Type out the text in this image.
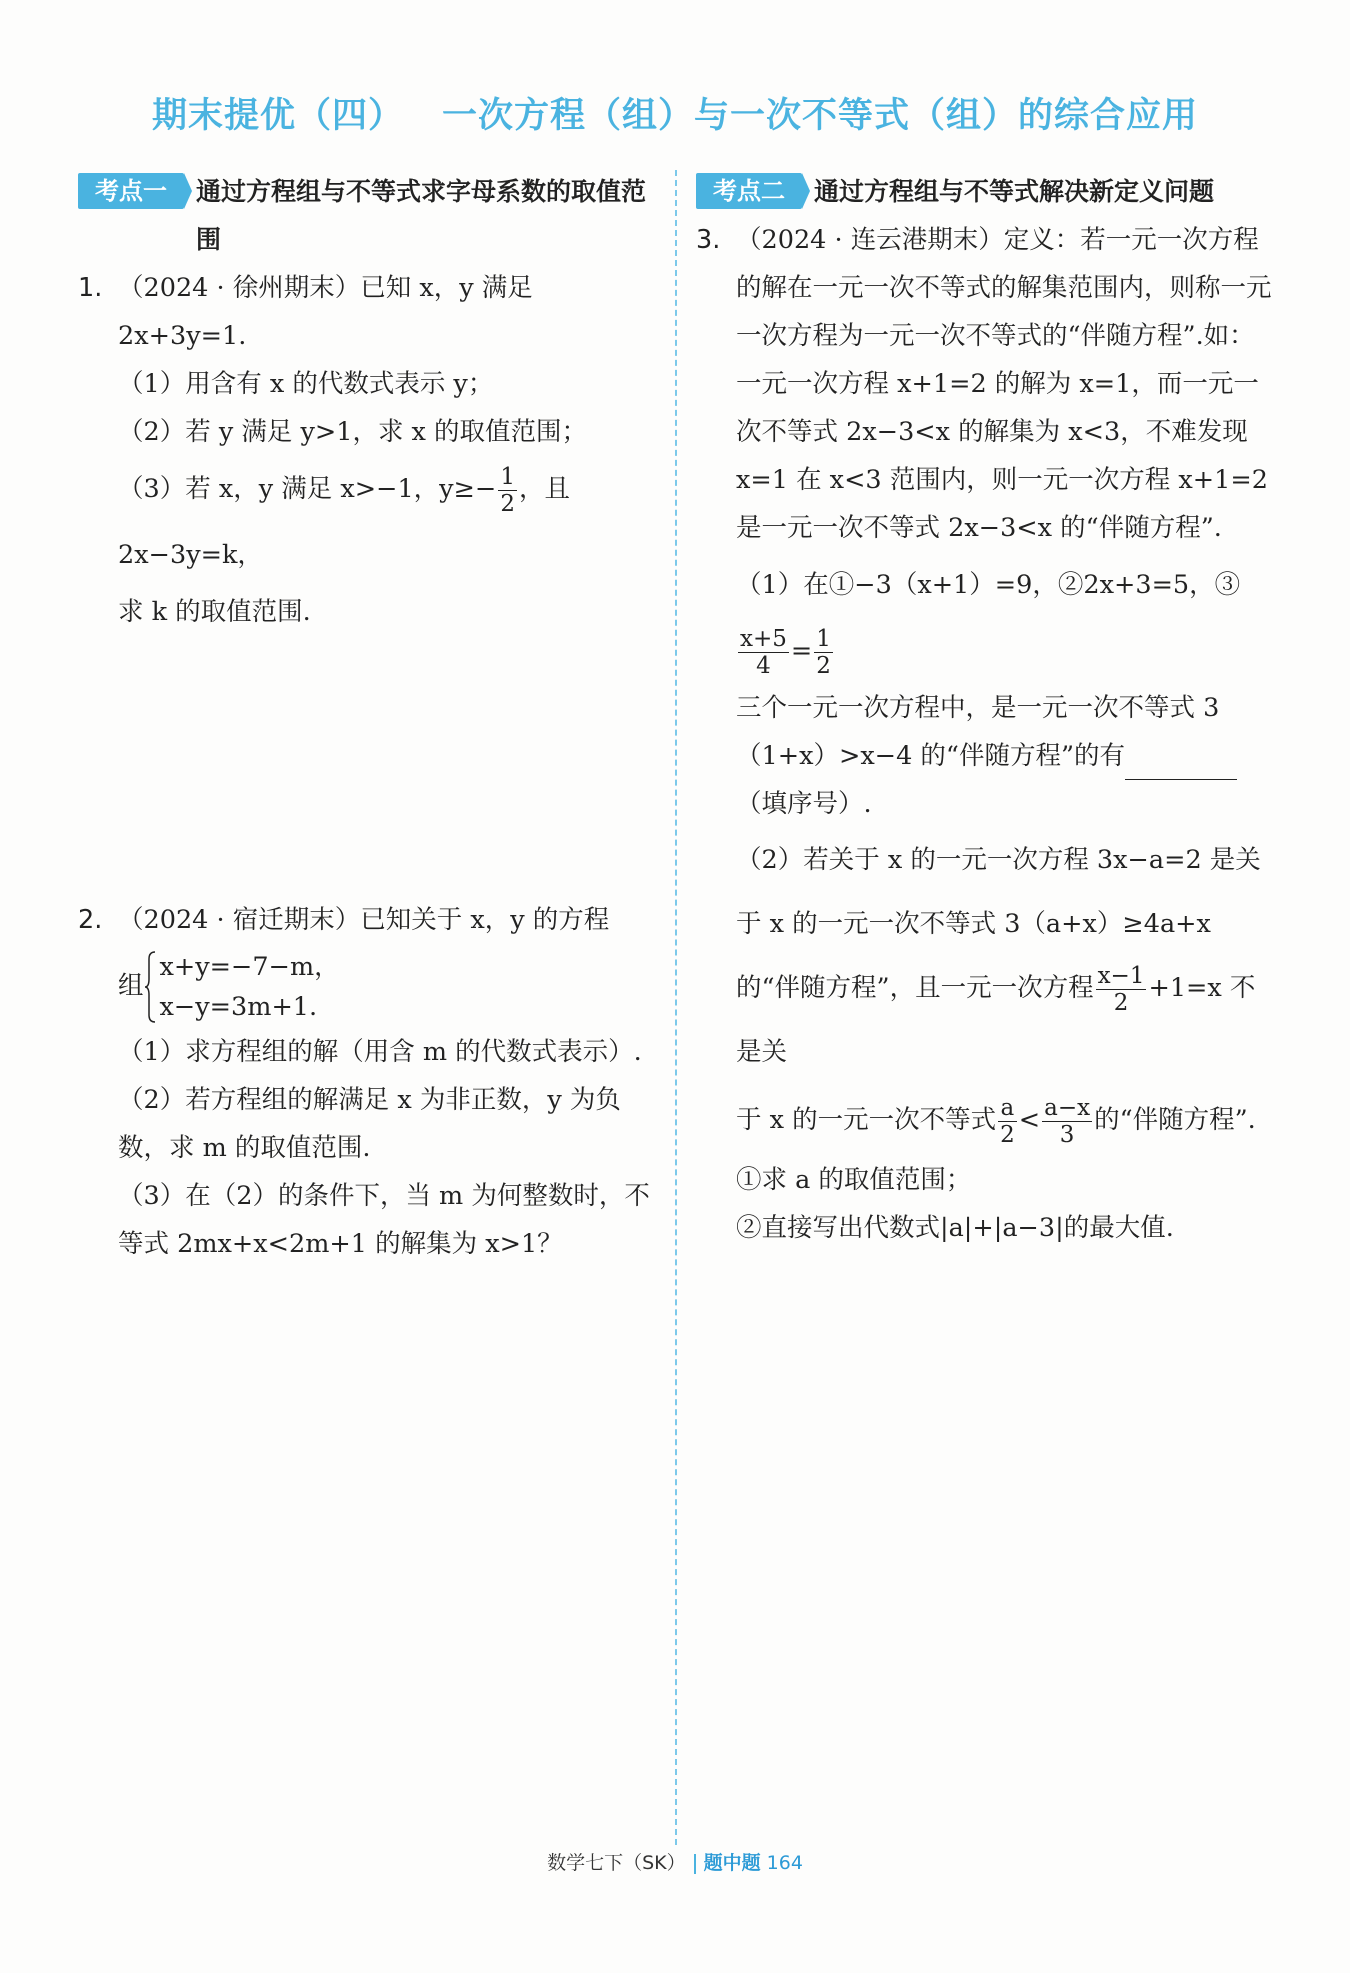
期末提优（四） 一次方程（组）与一次不等式（组）的综合应用
考点一	通过方程组与不等式求字母系数的取值范围
1. （2024 · 徐州期末）已知 x，y 满足 2x+3y=1.
（1）用含有 x 的代数式表示 y；
（2）若 y 满足 y>1，求 x 的取值范围；
（3）若 x，y 满足 x>−1，$y\ge- \frac{1}{2}$ ，且 2x−3y=k，
求 k 的取值范围.
2. （2024 · 宿迁期末）已知关于 x，y 的方程
组
x+y=−7−m，
x−y=3m+1.
（1）求方程组的解（用含 m 的代数式表示）.
（2）若方程组的解满足 x 为非正数，y 为负数，求 m 的取值范围.
（3）在（2）的条件下，当 m 为何整数时，不等式 2mx+x<2m+1 的解集为 x>1？
考点二	通过方程组与不等式解决新定义问题
3. （2024 · 连云港期末）定义：若一元一次方程的解在一元一次不等式的解集范围内，则称一元一次方程为一元一次不等式的“伴随方程”.如：一元一次方程 x+1=2 的解为 x=1，而一元一次不等式 2x−3<x 的解集为 x<3，不难发现 x=1 在 x<3 范围内，则一元一次方程 x+1=2 是一元一次不等式 2x−3<x 的“伴随方程”.
（1）在①−3（x+1）=9，②2x+3=5，③
$\frac{x+5}{4} = \frac{1}{2}$
三个一元一次方程中，是一元一次不等式 3（1+x）>x−4 的“伴随方程”的有
（填序号）.
（2）若关于 x 的一元一次方程 3x−a=2 是关于 x 的一元一次不等式 3（a+x）≥4a+x 的“伴随方程”，且一元一次方程 $\frac{x-1}{2} +1=x$ 不是关
于 x 的一元一次不等式 $\frac{a}{2} < \frac{a-x}{3}$ 的“伴随方程”.
①求 a 的取值范围；
②直接写出代数式|a|+|a−3|的最大值.
数学七下（SK） 题中题 164
